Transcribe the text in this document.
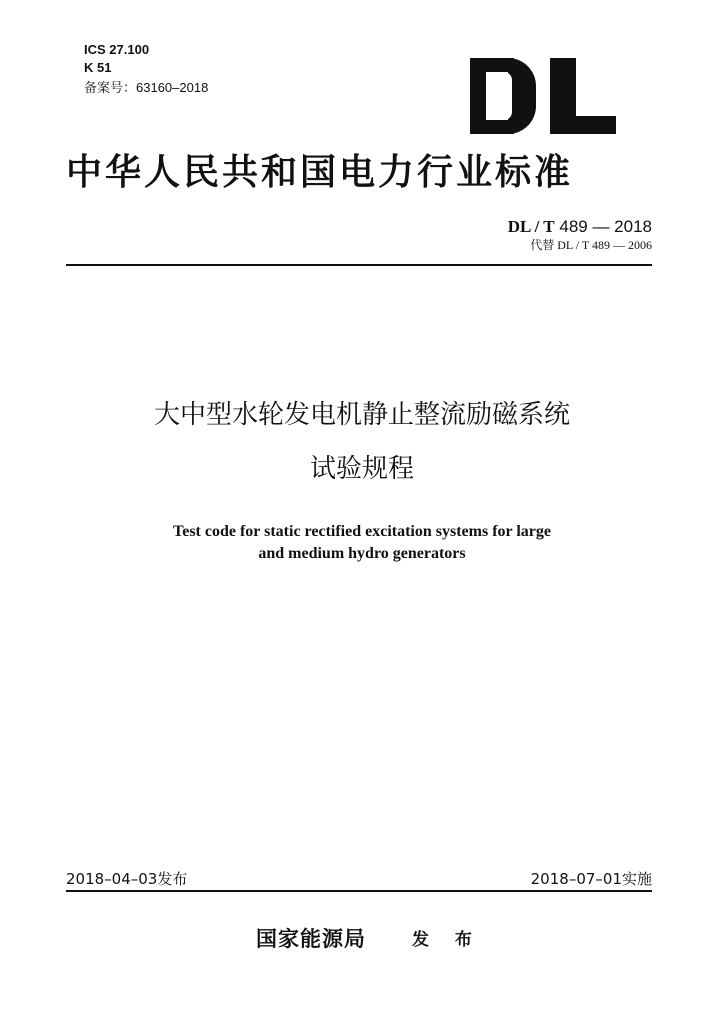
ICS 27.100
K 51
备案号：63160–2018
中华人民共和国电力行业标准
DL / T 489 — 2018
代替 DL / T 489 — 2006
大中型水轮发电机静止整流励磁系统
试验规程
Test code for static rectified excitation systems for large
and medium hydro generators
2018–04–03发布	2018–07–01实施
国家能源局	发 布
